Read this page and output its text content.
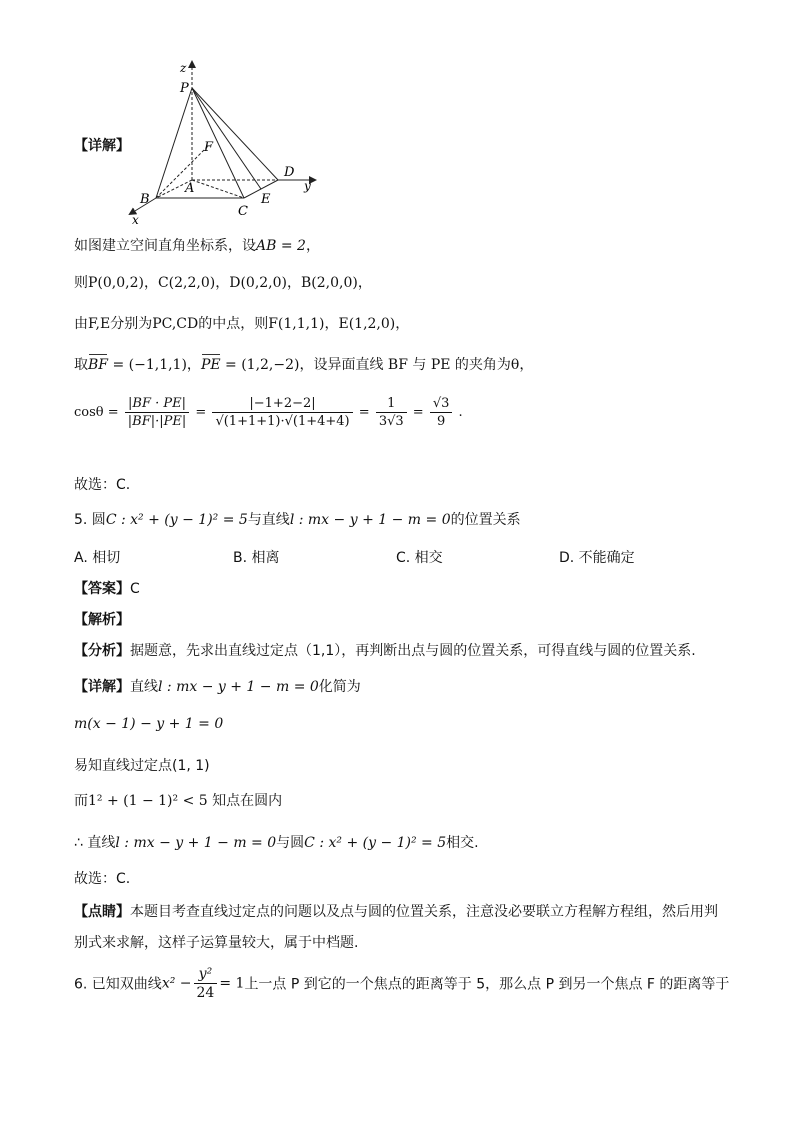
z
P
F
D
y
A
B
C
E
x
【详解】
如图建立空间直角坐标系，设AB = 2，
则P(0,0,2)，C(2,2,0)，D(0,2,0)，B(2,0,0)，
由F,E分别为PC,CD的中点，则F(1,1,1)，E(1,2,0)，
取BF = (−1,1,1)，PE = (1,2,−2)，设异面直线 BF 与 PE 的夹角为θ，
$\cos\theta = \frac{|BF \cdot PE|}{|BF|\cdot|PE|} = \frac{|-1+2-2|}{√(1+1+1)\cdot√(1+4+4)} = \frac{1}{3√3} = \frac{√3}{9}$ .
故选：C.
5. 圆C : x² + (y − 1)² = 5与直线l : mx − y + 1 − m = 0的位置关系
A. 相切	B. 相离	C. 相交	D. 不能确定
【答案】C
【解析】
【分析】据题意，先求出直线过定点（1,1），再判断出点与圆的位置关系，可得直线与圆的位置关系.
【详解】直线l : mx − y + 1 − m = 0化简为
m(x − 1) − y + 1 = 0
易知直线过定点(1, 1)
而1² + (1 − 1)² < 5 知点在圆内
∴ 直线l : mx − y + 1 − m = 0与圆C : x² + (y − 1)² = 5相交.
故选：C.
【点睛】本题目考查直线过定点的问题以及点与圆的位置关系，注意没必要联立方程解方程组，然后用判
别式来求解，这样子运算量较大，属于中档题.
6. 已知双曲线$x^2 - \frac{\text{y²}}{24} = 1$上一点 P 到它的一个焦点的距离等于 5，那么点 P 到另一个焦点 F 的距离等于
